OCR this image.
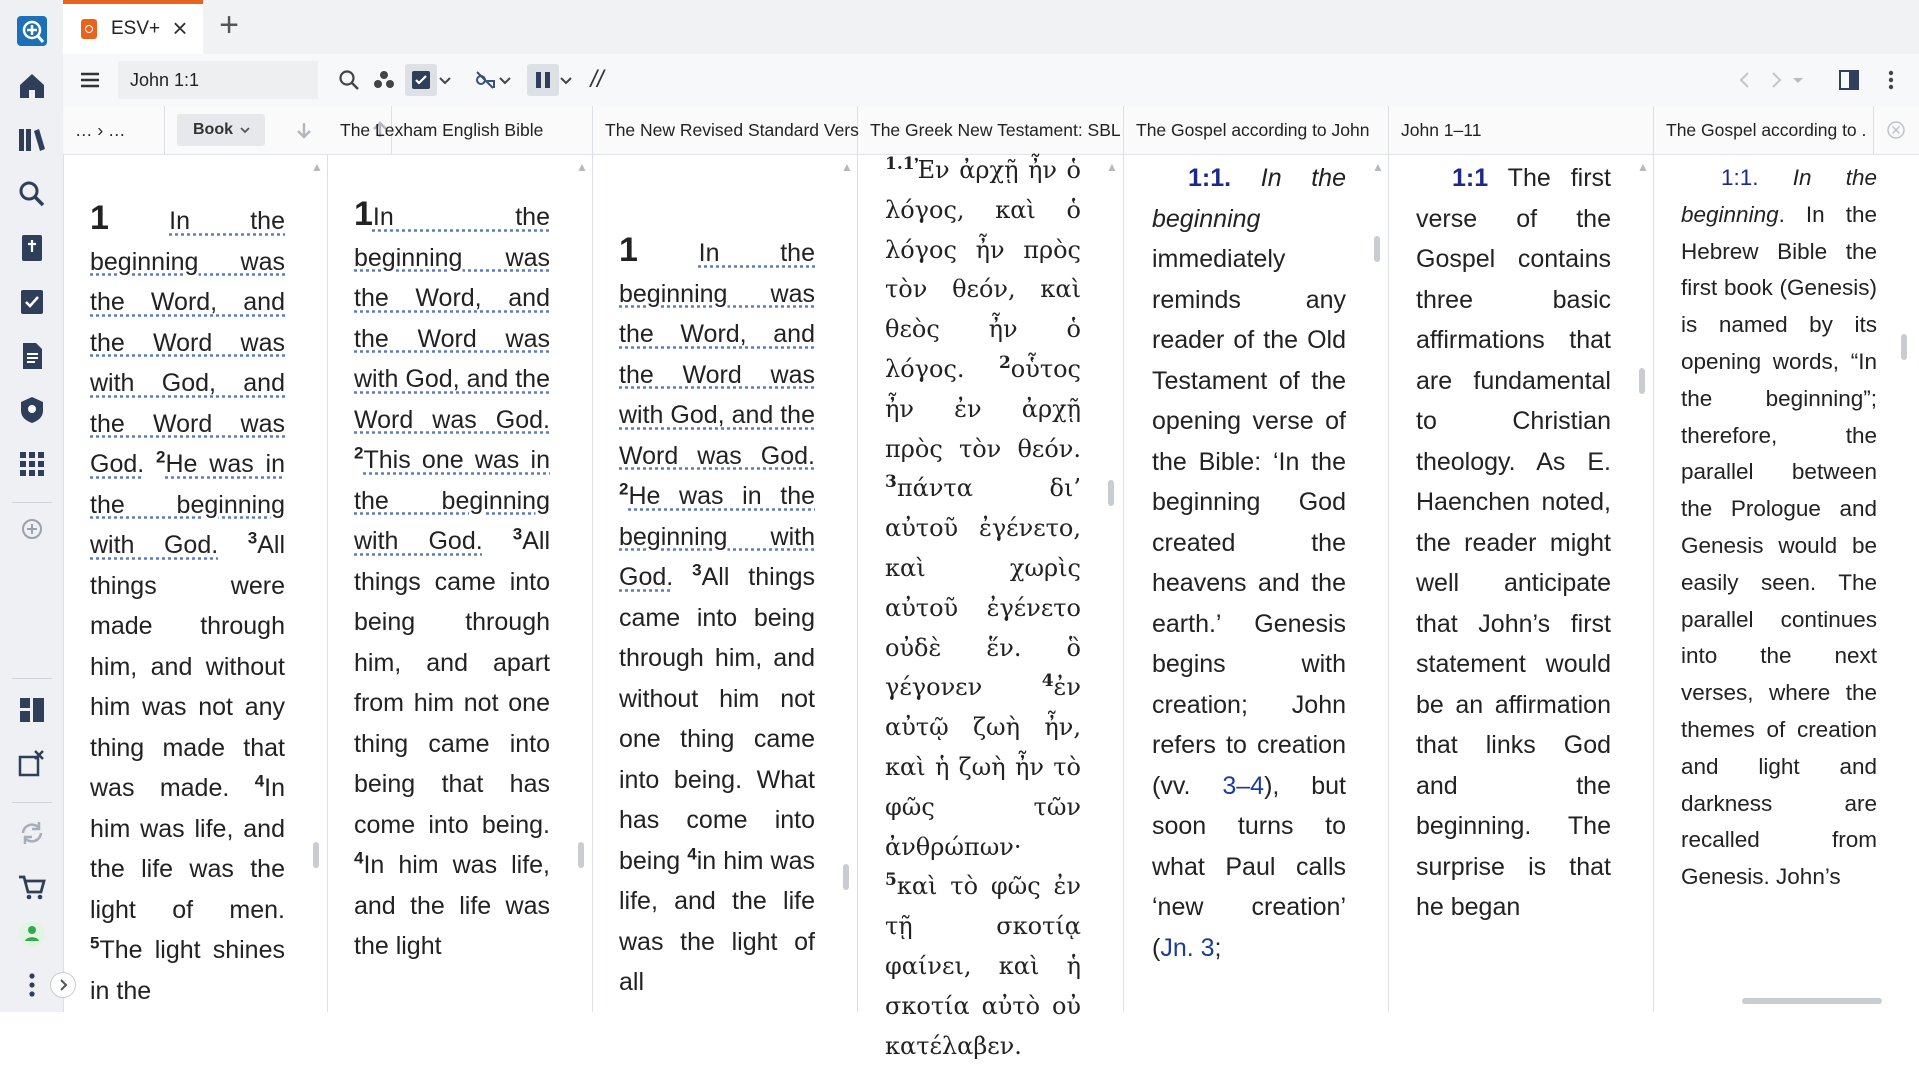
ESV+ × +
John 1:1
//
… › …	Book	The Lexham English Bible	The New Revised Standard Vers The Greek New Testament: SBL The Gospel according to John	John 1–11	The Gospel according to .
▲
1 In the beginning was the Word, and the Word was with God, and the Word was God. $^2$He was in the beginning with God. $^3$All things were made through him, and without him was not any thing made that was made. $^4$In him was life, and the life was the light of men. $^5$The light shines in the
▲
1In the beginning was the Word, and the Word was with God, and the Word was God. $^2$This one was in the beginning with God. $^3$All things came into being through him, and apart from him not one thing came into being that has come into being. $^4$In him was life, and the life was the light
▲
1 In the beginning was the Word, and the Word was with God, and the Word was God. $^2$He was in the beginning with God. $^3$All things came into being through him, and without him not one thing came into being. What has come into being $^4$in him was life, and the life was the light of all
▲
$^{1.1}$Ἐν ἀρχῇ ἦν ὁ λόγος, καὶ ὁ λόγος ἦν πρὸς τὸν θεόν, καὶ θεὸς ἦν ὁ λόγος. $^2$οὗτος ἦν ἐν ἀρχῇ πρὸς τὸν θεόν. $^3$πάντα δι’ αὐτοῦ ἐγένετο, καὶ χωρὶς αὐτοῦ ἐγένετο οὐδὲ ἕν. ὃ γέγονεν	$^4$ἐν αὐτῷ ζωὴ ἦν, καὶ ἡ ζωὴ ἦν τὸ φῶς τῶν ἀνθρώπων· $^5$καὶ τὸ φῶς ἐν τῇ σκοτίᾳ φαίνει, καὶ ἡ σκοτία αὐτὸ οὐ κατέλαβεν.
▲
1:1. In the beginning immediately reminds any reader of the Old Testament of the opening verse of the Bible: ‘In the beginning God created the heavens and the earth.’ Genesis begins with creation; John refers to creation (vv. 3–4), but soon turns to what Paul calls ‘new creation’ (Jn. 3;
▲
1:1 The first verse of the Gospel contains three basic affirmations that are fundamental to Christian theology. As E. Haenchen noted, the reader might well anticipate that John’s first statement would be an affirmation that links God and the beginning. The surprise is that he began
1:1. In the beginning. In the Hebrew Bible the first book (Genesis) is named by its opening words, “In the beginning”; therefore, the parallel between the Prologue and Genesis would be easily seen. The parallel continues into the next verses, where the themes of creation and light and darkness are recalled from Genesis. John’s
